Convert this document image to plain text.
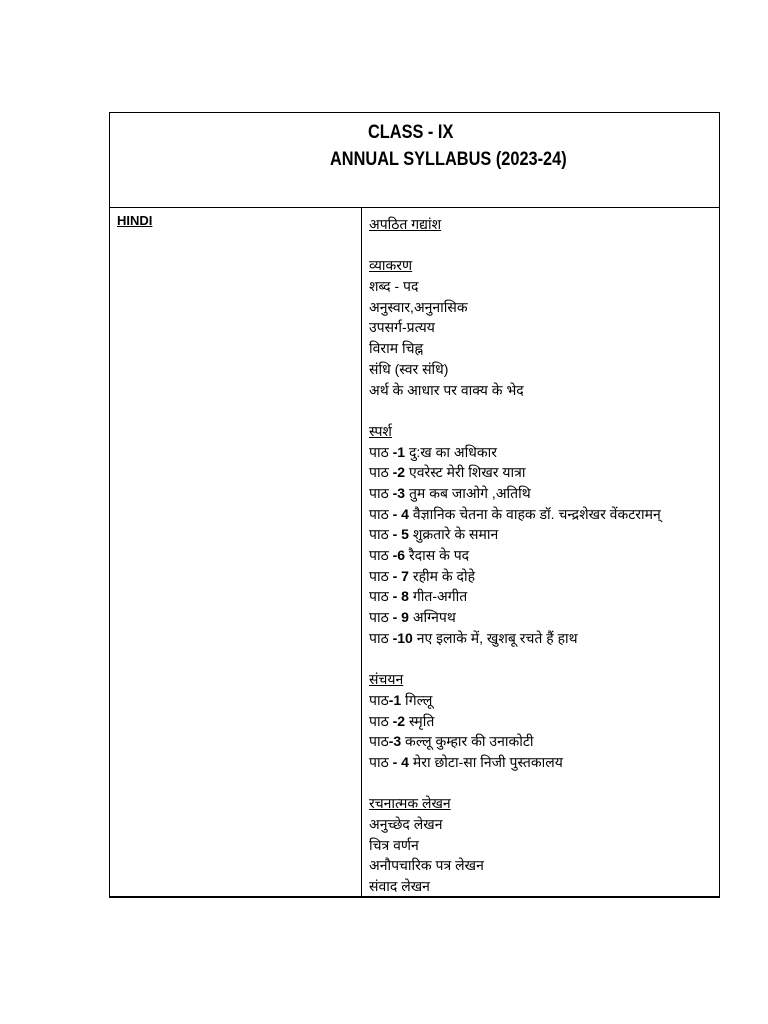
CLASS - IX
ANNUAL SYLLABUS (2023-24)
HINDI	अपठित गद्यांश
व्याकरण
शब्द - पद
अनुस्वार,अनुनासिक
उपसर्ग-प्रत्यय
विराम चिह्न
संधि (स्वर संधि)
अर्थ के आधार पर वाक्य के भेद
स्पर्श
पाठ -1 दु:ख का अधिकार
पाठ -2 एवरेस्ट मेरी शिखर यात्रा
पाठ -3 तुम कब जाओगे ,अतिथि
पाठ - 4 वैज्ञानिक चेतना के वाहक डॉ. चन्द्रशेखर वेंकटरामन्
पाठ - 5 शुक्रतारे के समान
पाठ -6 रैदास के पद
पाठ - 7 रहीम के दोहे
पाठ - 8 गीत-अगीत
पाठ - 9 अग्निपथ
पाठ -10 नए इलाके में, खुशबू रचते हैं हाथ
संचयन
पाठ-1 गिल्लू
पाठ -2 स्मृति
पाठ-3 कल्लू कुम्हार की उनाकोटी
पाठ - 4 मेरा छोटा-सा निजी पुस्तकालय
रचनात्मक लेखन
अनुच्छेद लेखन
चित्र वर्णन
अनौपचारिक पत्र लेखन
संवाद लेखन
